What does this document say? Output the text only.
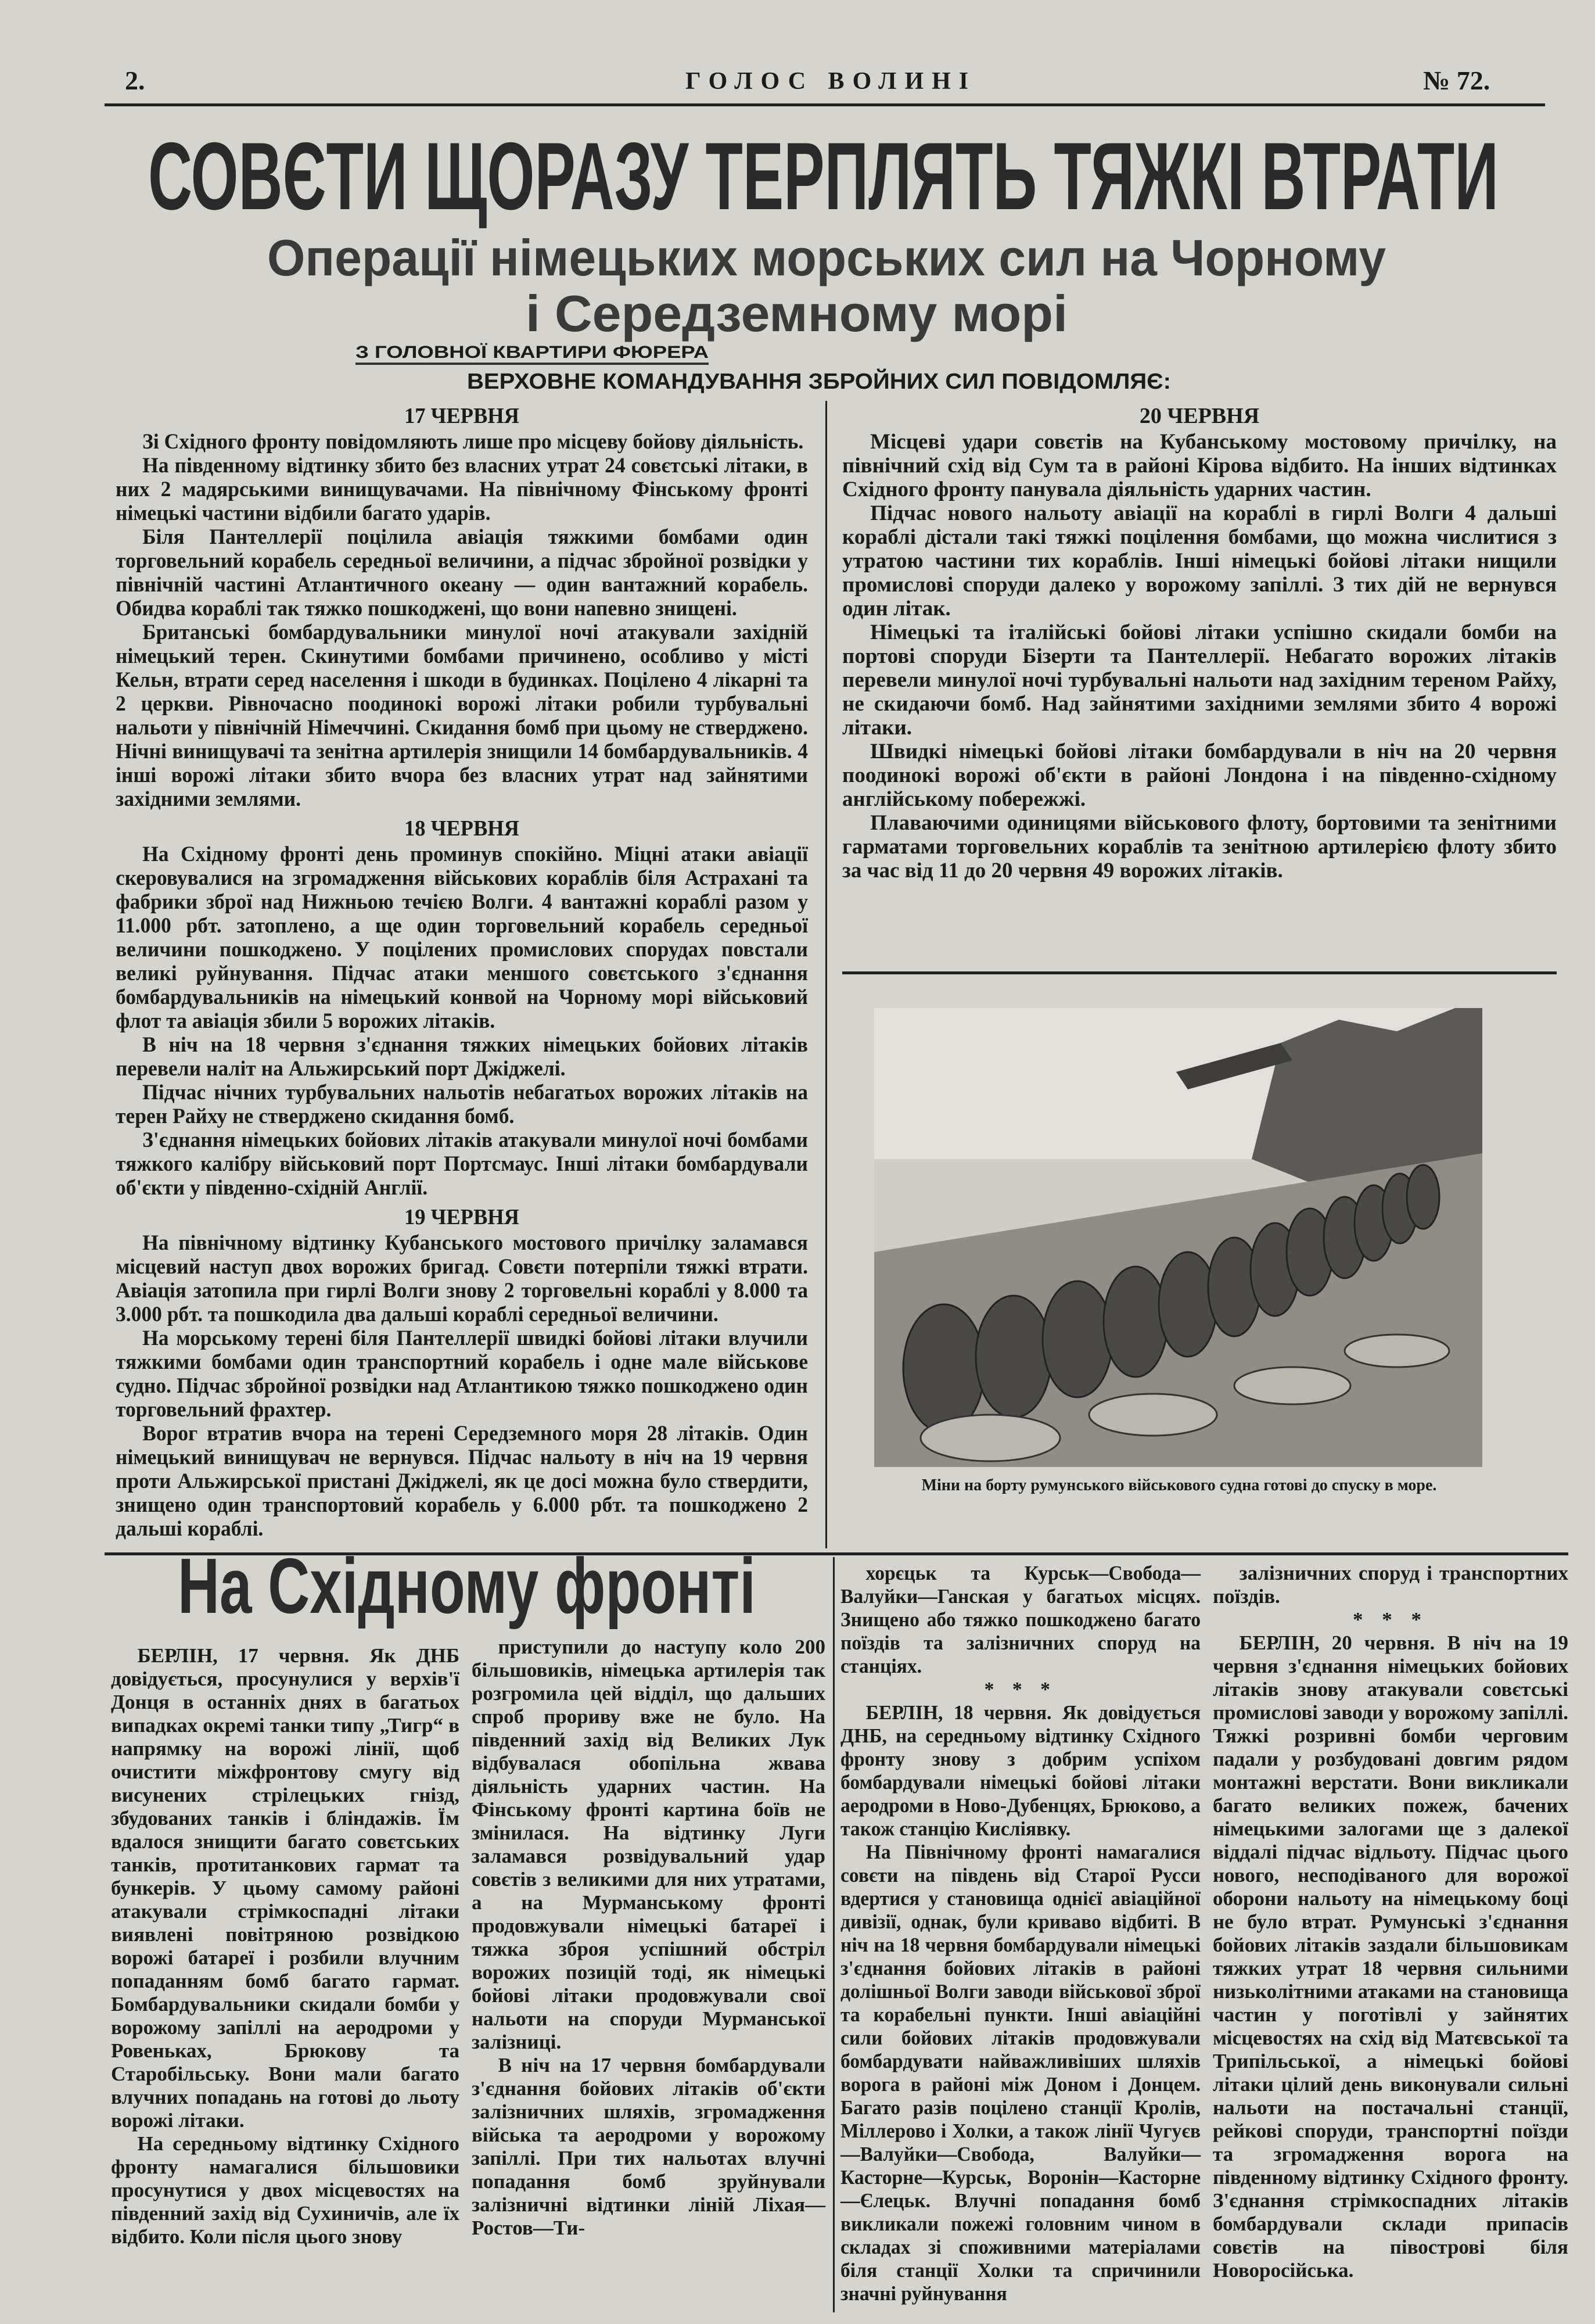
2.	ГОЛОС ВОЛИНІ	№ 72.
СОВЄТИ ЩОРАЗУ ТЕРПЛЯТЬ ТЯЖКІ ВТРАТИ
Операції німецьких морських сил на Чорному
і Середземному морі
З ГОЛОВНОЇ КВАРТИРИ ФЮРЕРА
ВЕРХОВНЕ КОМАНДУВАННЯ ЗБРОЙНИХ СИЛ ПОВІДОМЛЯЄ:

17 ЧЕРВНЯ

Зі Східного фронту повідомляють лише про місцеву бойову діяльність.

На південному відтинку збито без власних утрат 24 совєтські літаки, в них 2 мадярськими винищувачами. На північному Фінському фронті німецькі частини відбили багато ударів.

Біля Пантеллерії поцілила авіація тяжкими бомбами один торговельний корабель середньої величини, а підчас збройної розвідки у північній частині Атлантичного океану — один вантажний корабель. Обидва кораблі так тяжко пошкоджені, що вони напевно знищені.

Британські бомбардувальники минулої ночі атакували західній німецький терен. Скинутими бомбами причинено, особливо у місті Кельн, втрати серед населення і шкоди в будинках. Поцілено 4 лікарні та 2 церкви. Рівночасно поодинокі ворожі літаки робили турбувальні нальоти у північній Німеччині. Скидання бомб при цьому не стверджено. Нічні винищувачі та зенітна артилерія знищили 14 бомбардувальників. 4 інші ворожі літаки збито вчора без власних утрат над зайнятими західними землями.

18 ЧЕРВНЯ

На Східному фронті день проминув спокійно. Міцні атаки авіації скеровувалися на згромадження військових кораблів біля Астрахані та фабрики зброї над Нижньою течією Волги. 4 вантажні кораблі разом у 11.000 рбт. затоплено, а ще один торговельний корабель середньої величини пошкоджено. У поцілених промислових спорудах повстали великі руйнування. Підчас атаки меншого совєтського з'єднання бомбардувальників на німецький конвой на Чорному морі військовий флот та авіація збили 5 ворожих літаків.

В ніч на 18 червня з'єднання тяжких німецьких бойових літаків перевели наліт на Альжирський порт Джіджелі.

Підчас нічних турбувальних нальотів небагатьох ворожих літаків на терен Райху не стверджено скидання бомб.

З'єднання німецьких бойових літаків атакували минулої ночі бомбами тяжкого калібру військовий порт Портсмаус. Інші літаки бомбардували об'єкти у південно-східній Англії.

19 ЧЕРВНЯ

На північному відтинку Кубанського мостового причілку заламався місцевий наступ двох ворожих бригад. Совєти потерпіли тяжкі втрати. Авіація затопила при гирлі Волги знову 2 торговельні кораблі у 8.000 та 3.000 рбт. та пошкодила два дальші кораблі середньої величини.

На морському терені біля Пантеллерії швидкі бойові літаки влучили тяжкими бомбами один транспортний корабель і одне мале військове судно. Підчас збройної розвідки над Атлантикою тяжко пошкоджено один торговельний фрахтер.

Ворог втратив вчора на терені Середземного моря 28 літаків. Один німецький винищувач не вернувся. Підчас нальоту в ніч на 19 червня проти Альжирської пристані Джіджелі, як це досі можна було ствердити, знищено один транспортовий корабель у 6.000 рбт. та пошкоджено 2 дальші кораблі.

20 ЧЕРВНЯ

Місцеві удари совєтів на Кубанському мостовому причілку, на північний схід від Сум та в районі Кірова відбито. На інших відтинках Східного фронту панувала діяльність ударних частин.

Підчас нового нальоту авіації на кораблі в гирлі Волги 4 дальші кораблі дістали такі тяжкі поцілення бомбами, що можна числитися з утратою частини тих кораблів. Інші німецькі бойові літаки нищили промислові споруди далеко у ворожому запіллі. З тих дій не вернувся один літак.

Німецькі та італійські бойові літаки успішно скидали бомби на портові споруди Бізерти та Пантеллерії. Небагато ворожих літаків перевели минулої ночі турбувальні нальоти над західним тереном Райху, не скидаючи бомб. Над зайнятими західними землями збито 4 ворожі літаки.

Швидкі німецькі бойові літаки бомбардували в ніч на 20 червня поодинокі ворожі об'єкти в районі Лондона і на південно-східному англійському побережжі.

Плаваючими одиницями військового флоту, бортовими та зенітними гарматами торговельних кораблів та зенітною артилерією флоту збито за час від 11 до 20 червня 49 ворожих літаків.

Міни на борту румунського військового судна готові до спуску в море.
На Східному фронті

БЕРЛІН, 17 червня. Як ДНБ довідується, просунулися у верхів'ї Донця в останніх днях в багатьох випадках окремі танки типу „Тигр“ в напрямку на ворожі лінії, щоб очистити міжфронтову смугу від висунених стрілецьких гнізд, збудованих танків і бліндажів. Їм вдалося знищити багато совєтських танків, протитанкових гармат та бункерів. У цьому самому районі атакували стрімкоспадні літаки виявлені повітряною розвідкою ворожі батареї і розбили влучним попаданням бомб багато гармат. Бомбардувальники скидали бомби у ворожому запіллі на аеродроми у Ровеньках, Брюкову та Старобільську. Вони мали багато влучних попадань на готові до льоту ворожі літаки.

На середньому відтинку Східного фронту намагалися більшовики просунутися у двох місцевостях на південний захід від Сухиничів, але їх відбито. Коли після цього знову

приступили до наступу коло 200 більшовиків, німецька артилерія так розгромила цей відділ, що дальших спроб прориву вже не було. На південний захід від Великих Лук відбувалася обопільна жвава діяльність ударних частин. На Фінському фронті картина боїв не змінилася. На відтинку Луги заламався розвідувальний удар совєтів з великими для них утратами, а на Мурманському фронті продовжували німецькі батареї і тяжка зброя успішний обстріл ворожих позицій тоді, як німецькі бойові літаки продовжували свої нальоти на споруди Мурманської залізниці.

В ніч на 17 червня бомбардували з'єднання бойових літаків об'єкти залізничних шляхів, згромадження війська та аеродроми у ворожому запіллі. При тих нальотах влучні попадання бомб зруйнували залізничні відтинки ліній Ліхая—Ростов—Ти-

хорєцьк та Курськ—Свобода—Валуйки—Ганская у багатьох місцях. Знищено або тяжко пошкоджено багато поїздів та залізничних споруд на станціях.

* * *

БЕРЛІН, 18 червня. Як довідується ДНБ, на середньому відтинку Східного фронту знову з добрим успіхом бомбардували німецькі бойові літаки аеродроми в Ново-Дубенцях, Брюково, а також станцію Кисліявку.

На Північному фронті намагалися совєти на південь від Старої Русси вдертися у становища однієї авіаційної дивізії, однак, були криваво відбиті. В ніч на 18 червня бомбардували німецькі з'єднання бойових літаків в районі долішньої Волги заводи військової зброї та корабельні пункти. Інші авіаційні сили бойових літаків продовжували бомбардувати найважливіших шляхів ворога в районі між Доном і Донцем. Багато разів поцілено станції Кролів, Міллерово і Холки, а також лінії Чугуєв—Валуйки—Свобода, Валуйки—Касторне—Курськ, Воронін—Касторне—Єлецьк. Влучні попадання бомб викликали пожежі головним чином в складах зі споживними матеріалами біля станції Холки та спричинили значні руйнування

залізничних споруд і транспортних поїздів.

* * *

БЕРЛІН, 20 червня. В ніч на 19 червня з'єднання німецьких бойових літаків знову атакували совєтські промислові заводи у ворожому запіллі. Тяжкі розривні бомби черговим падали у розбудовані довгим рядом монтажні верстати. Вони викликали багато великих пожеж, бачених німецькими залогами ще з далекої віддалі підчас відльоту. Підчас цього нового, несподіваного для ворожої оборони нальоту на німецькому боці не було втрат. Румунські з'єднання бойових літаків заздали більшовикам тяжких утрат 18 червня сильними низьколітними атаками на становища частин у поготівлі у зайнятих місцевостях на схід від Матєвської та Трипільської, а німецькі бойові літаки цілий день виконували сильні нальоти на постачальні станції, рейкові споруди, транспортні поїзди та згромадження ворога на південному відтинку Східного фронту. З'єднання стрімкоспадних літаків бомбардували склади припасів совєтів на півострові біля Новоросійська.
